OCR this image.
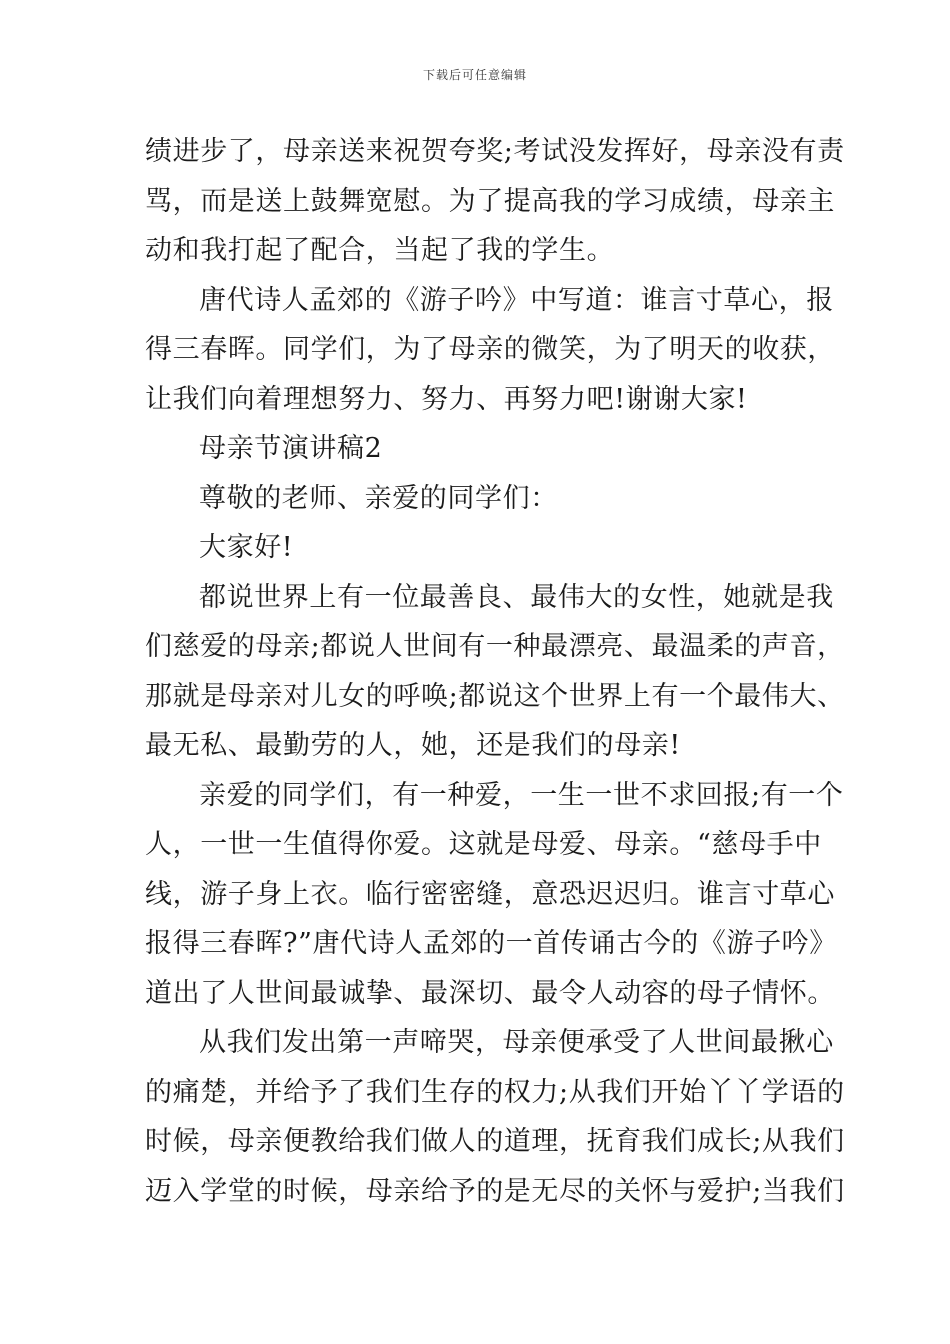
下载后可任意编辑
绩进步了，母亲送来祝贺夸奖;考试没发挥好，母亲没有责
骂，而是送上鼓舞宽慰。为了提高我的学习成绩，母亲主
动和我打起了配合，当起了我的学生。
唐代诗人孟郊的《游子吟》中写道：谁言寸草心，报
得三春晖。同学们，为了母亲的微笑，为了明天的收获，
让我们向着理想努力、努力、再努力吧!谢谢大家!
母亲节演讲稿2
尊敬的老师、亲爱的同学们：
大家好!
都说世界上有一位最善良、最伟大的女性，她就是我
们慈爱的母亲;都说人世间有一种最漂亮、最温柔的声音，
那就是母亲对儿女的呼唤;都说这个世界上有一个最伟大、
最无私、最勤劳的人，她，还是我们的母亲!
亲爱的同学们，有一种爱，一生一世不求回报;有一个
人，一世一生值得你爱。这就是母爱、母亲。“慈母手中
线，游子身上衣。临行密密缝，意恐迟迟归。谁言寸草心
报得三春晖?”唐代诗人孟郊的一首传诵古今的《游子吟》
道出了人世间最诚挚、最深切、最令人动容的母子情怀。
从我们发出第一声啼哭，母亲便承受了人世间最揪心
的痛楚，并给予了我们生存的权力;从我们开始丫丫学语的
时候，母亲便教给我们做人的道理，抚育我们成长;从我们
迈入学堂的时候，母亲给予的是无尽的关怀与爱护;当我们
